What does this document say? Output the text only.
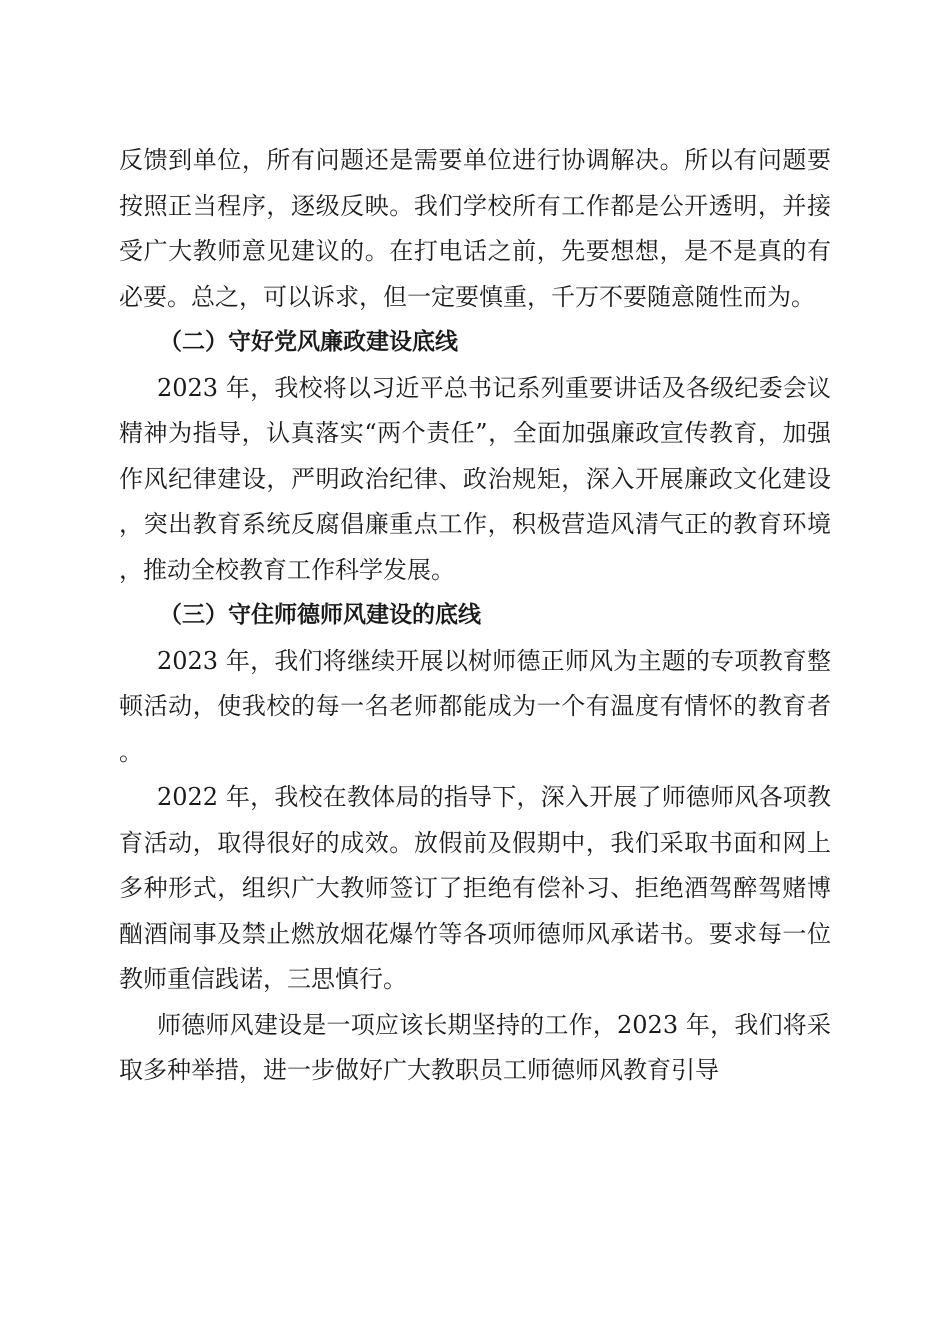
反馈到单位，所有问题还是需要单位进行协调解决。所以有问题要按照正当程序，逐级反映。我们学校所有工作都是公开透明，并接受广大教师意见建议的。在打电话之前，先要想想，是不是真的有必要。总之，可以诉求，但一定要慎重，千万不要随意随性而为。

（二）守好党风廉政建设底线

2023 年，我校将以习近平总书记系列重要讲话及各级纪委会议精神为指导，认真落实“两个责任”，全面加强廉政宣传教育，加强作风纪律建设，严明政治纪律、政治规矩，深入开展廉政文化建设，突出教育系统反腐倡廉重点工作，积极营造风清气正的教育环境，推动全校教育工作科学发展。

（三）守住师德师风建设的底线

2023 年，我们将继续开展以树师德正师风为主题的专项教育整顿活动，使我校的每一名老师都能成为一个有温度有情怀的教育者。

2022 年，我校在教体局的指导下，深入开展了师德师风各项教育活动，取得很好的成效。放假前及假期中，我们采取书面和网上多种形式，组织广大教师签订了拒绝有偿补习、拒绝酒驾醉驾赌博酗酒闹事及禁止燃放烟花爆竹等各项师德师风承诺书。要求每一位教师重信践诺，三思慎行。

师德师风建设是一项应该长期坚持的工作，2023 年，我们将采取多种举措，进一步做好广大教职员工师德师风教育引导
